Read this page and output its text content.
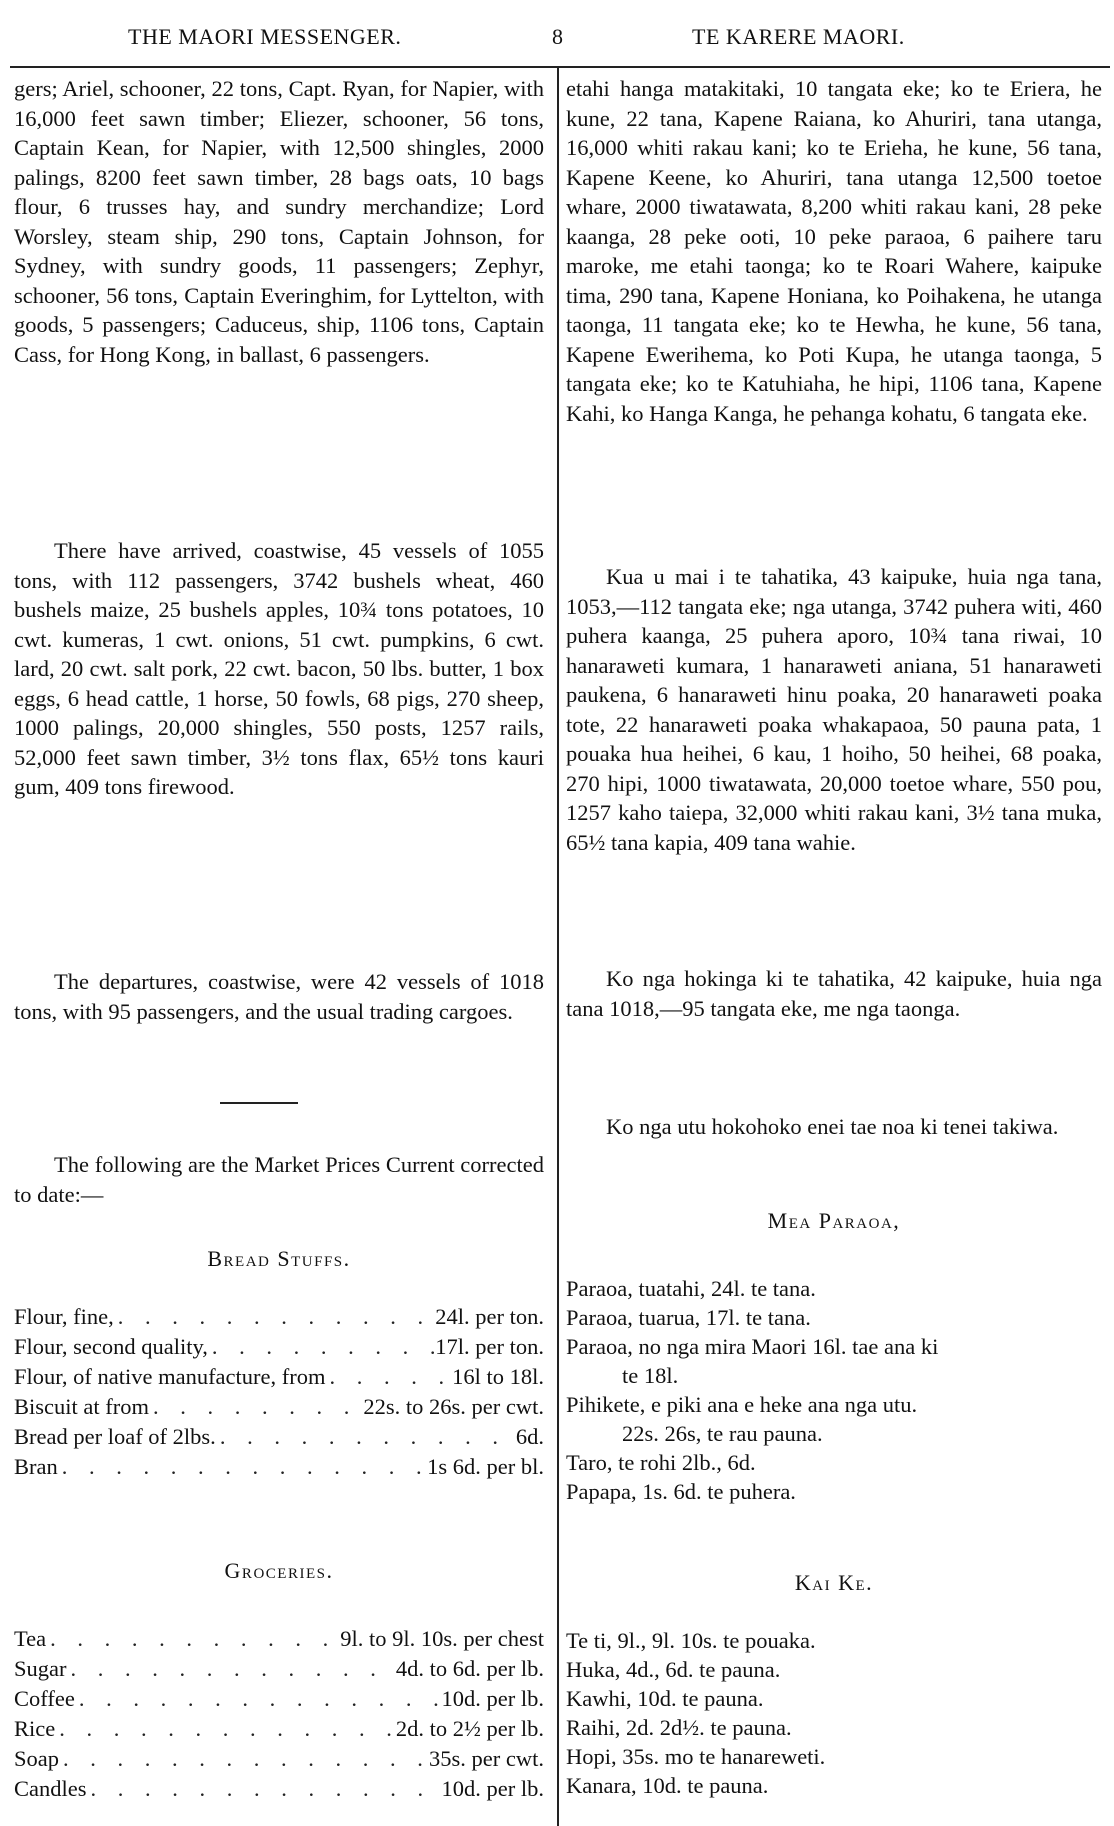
THE MAORI MESSENGER.	8	TE KARERE MAORI.
gers; Ariel, schooner, 22 tons, Capt. Ryan, for Napier, with 16,000 feet sawn timber; Eliezer, schooner, 56 tons, Captain Kean, for Napier, with 12,500 shingles, 2000 palings, 8200 feet sawn timber, 28 bags oats, 10 bags flour, 6 trusses hay, and sundry merchandize; Lord Worsley, steam ship, 290 tons, Captain Johnson, for Sydney, with sundry goods, 11 passengers; Zephyr, schooner, 56 tons, Captain Everinghim, for Lyttelton, with goods, 5 passengers; Caduceus, ship, 1106 tons, Captain Cass, for Hong Kong, in ballast, 6 passengers.
There have arrived, coastwise, 45 vessels of 1055 tons, with 112 passengers, 3742 bushels wheat, 460 bushels maize, 25 bushels apples, 10¾ tons potatoes, 10 cwt. kumeras, 1 cwt. onions, 51 cwt. pumpkins, 6 cwt. lard, 20 cwt. salt pork, 22 cwt. bacon, 50 lbs. butter, 1 box eggs, 6 head cattle, 1 horse, 50 fowls, 68 pigs, 270 sheep, 1000 palings, 20,000 shingles, 550 posts, 1257 rails, 52,000 feet sawn timber, 3½ tons flax, 65½ tons kauri gum, 409 tons firewood.
The departures, coastwise, were 42 vessels of 1018 tons, with 95 passengers, and the usual trading cargoes.
The following are the Market Prices Current corrected to date:—
Bread Stuffs.
Flour, fine, . . .	24l. per ton.
Flour, second quality, . . .	17l. per ton.
Flour, of native manufacture, from . . .	16l to 18l.
Biscuit at from . . .	22s. to 26s. per cwt.
Bread per loaf of 2lbs. . . .	6d.
Bran . . .	1s 6d. per bl.
Groceries.
Tea . . .	9l. to 9l. 10s. per chest
Sugar . . .	4d. to 6d. per lb.
Coffee . . .	10d. per lb.
Rice . . .	2d. to 2½ per lb.
Soap . . .	35s. per cwt.
Candles . . .	10d. per lb.
etahi hanga matakitaki, 10 tangata eke; ko te Eriera, he kune, 22 tana, Kapene Raiana, ko Ahuriri, tana utanga, 16,000 whiti rakau kani; ko te Erieha, he kune, 56 tana, Kapene Keene, ko Ahuriri, tana utanga 12,500 toetoe whare, 2000 tiwatawata, 8,200 whiti rakau kani, 28 peke kaanga, 28 peke ooti, 10 peke paraoa, 6 paihere taru maroke, me etahi taonga; ko te Roari Wahere, kaipuke tima, 290 tana, Kapene Honiana, ko Poihakena, he utanga taonga, 11 tangata eke; ko te Hewha, he kune, 56 tana, Kapene Ewerihema, ko Poti Kupa, he utanga taonga, 5 tangata eke; ko te Katuhiaha, he hipi, 1106 tana, Kapene Kahi, ko Hanga Kanga, he pehanga kohatu, 6 tangata eke.
Kua u mai i te tahatika, 43 kaipuke, huia nga tana, 1053,—112 tangata eke; nga utanga, 3742 puhera witi, 460 puhera kaanga, 25 puhera aporo, 10¾ tana riwai, 10 hanaraweti kumara, 1 hanaraweti aniana, 51 hanaraweti paukena, 6 hanaraweti hinu poaka, 20 hanaraweti poaka tote, 22 hanaraweti poaka whakapaoa, 50 pauna pata, 1 pouaka hua heihei, 6 kau, 1 hoiho, 50 heihei, 68 poaka, 270 hipi, 1000 tiwatawata, 20,000 toetoe whare, 550 pou, 1257 kaho taiepa, 32,000 whiti rakau kani, 3½ tana muka, 65½ tana kapia, 409 tana wahie.
Ko nga hokinga ki te tahatika, 42 kaipuke, huia nga tana 1018,—95 tangata eke, me nga taonga.
Ko nga utu hokohoko enei tae noa ki tenei takiwa.
Mea Paraoa,
Paraoa, tuatahi, 24l. te tana.
Paraoa, tuarua, 17l. te tana.
Paraoa, no nga mira Maori 16l. tae ana ki
te 18l.
Pihikete, e piki ana e heke ana nga utu.
22s. 26s, te rau pauna.
Taro, te rohi 2lb., 6d.
Papapa, 1s. 6d. te puhera.
Kai Ke.
Te ti, 9l., 9l. 10s. te pouaka.
Huka, 4d., 6d. te pauna.
Kawhi, 10d. te pauna.
Raihi, 2d. 2d½. te pauna.
Hopi, 35s. mo te hanareweti.
Kanara, 10d. te pauna.
